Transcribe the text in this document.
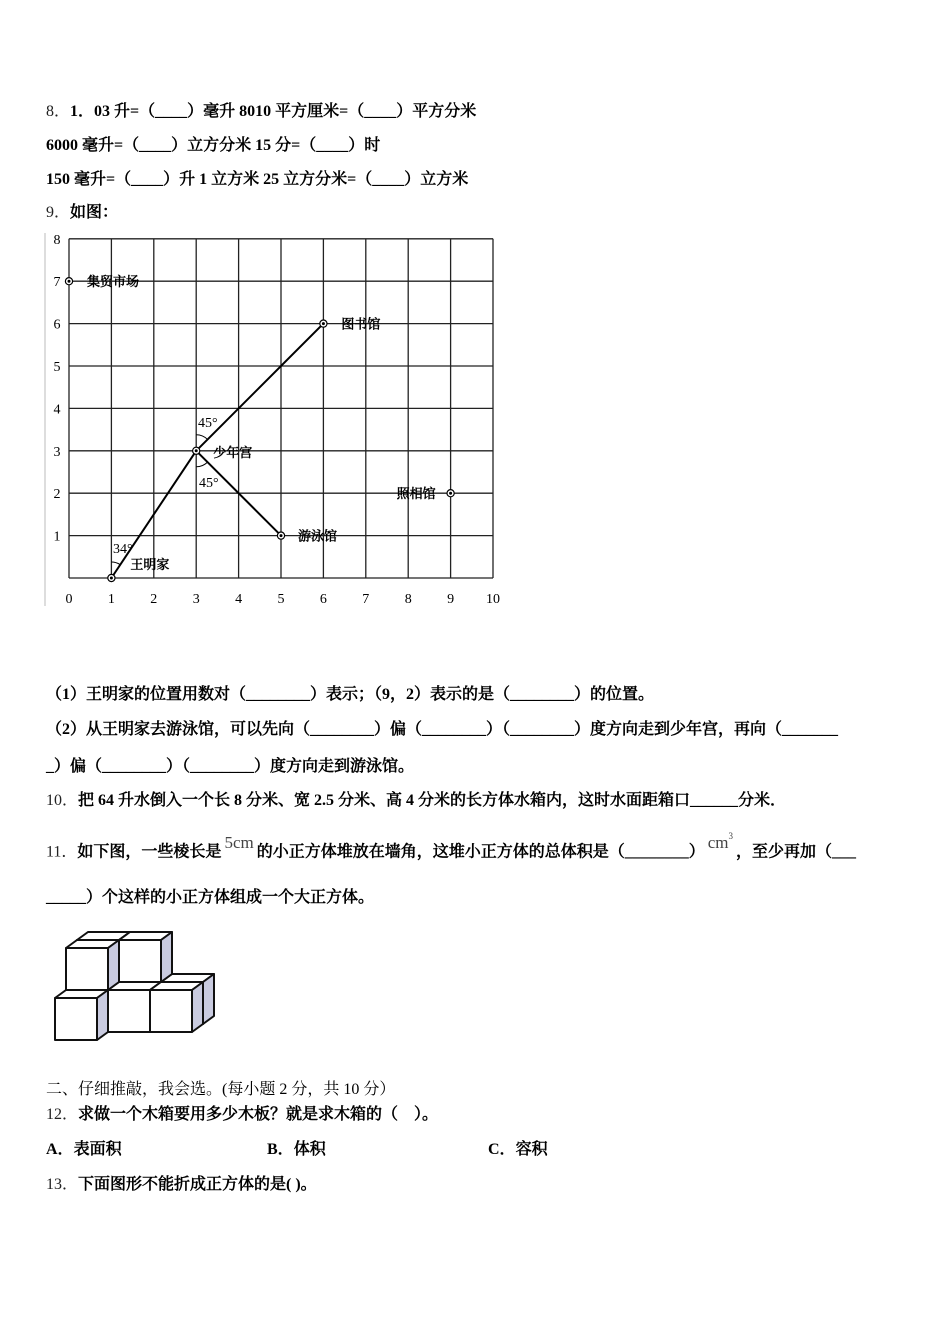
8．1．03 升=（____）毫升 8010 平方厘米=（____）平方分米
6000 毫升=（____）立方分米 15 分=（____）时
150 毫升=（____）升 1 立方米 25 立方分米=（____）立方米
9．如图：
0	1	2	3	4	5	6	7	8	9 10
1
2
3
4
5
6
7
8
34°
45°
45°
集贸市场
图书馆
少年宫
照相馆
游泳馆
王明家
（1）王明家的位置用数对（________）表示；（9，2）表示的是（________）的位置。
（2）从王明家去游泳馆，可以先向（________）偏（________）（________）度方向走到少年宫，再向（_______
_）偏（________）（________）度方向走到游泳馆。
10．把 64 升水倒入一个长 8 分米、宽 2.5 分米、高 4 分米的长方体水箱内，这时水面距箱口______分米．
11．如下图，一些棱长是5cm的小正方体堆放在墙角，这堆小正方体的总体积是$(\_\_\_\_\_\_\_\_)cm^3$，至少再加（___
_____）个这样的小正方体组成一个大正方体。
二、仔细推敲，我会选。(每小题 2 分，共 10 分）
12．求做一个木箱要用多少木板？就是求木箱的（　）。
A．表面积	B．体积	C．容积
13．下面图形不能折成正方体的是( )。
